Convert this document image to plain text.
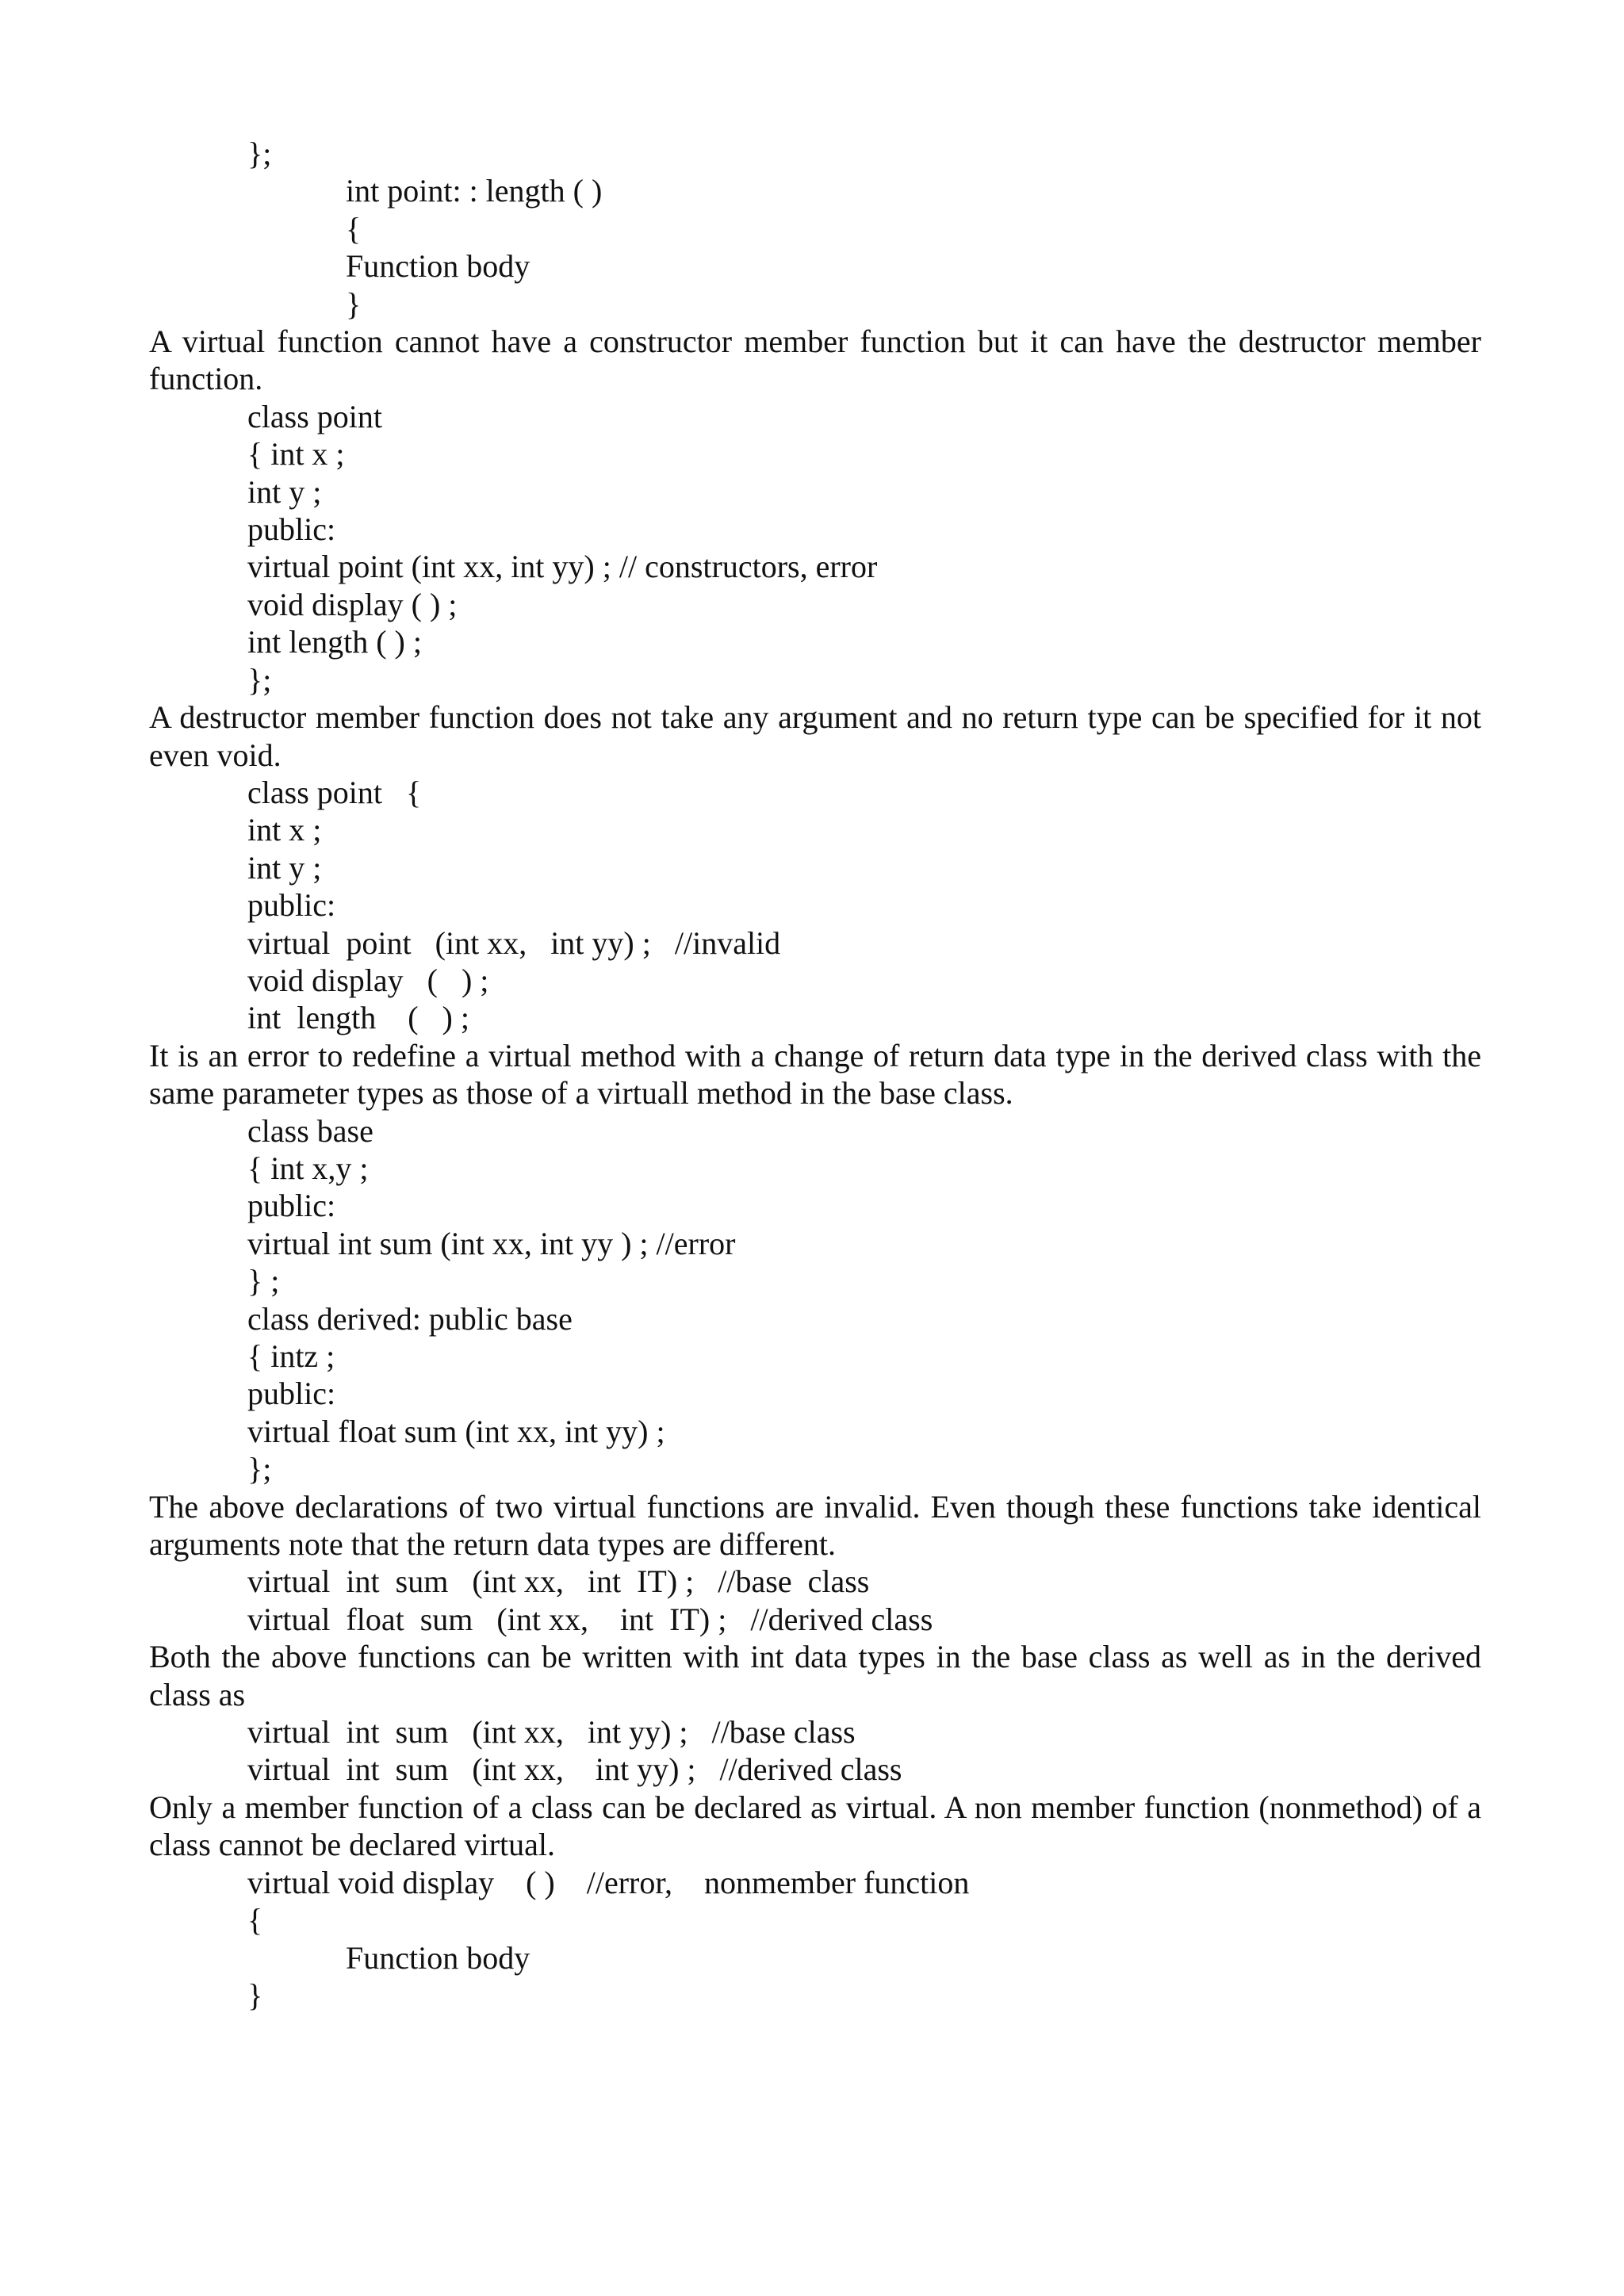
};
int point: : length ( )
{
Function body
}
A virtual function cannot have a constructor member function but it can have the destructor member function.
class point
{ int x ;
int y ;
public:
virtual point (int xx, int yy) ; // constructors, error
void display ( ) ;
int length ( ) ;
};
A destructor member function does not take any argument and no return type can be specified for it not even void.
class point   {
int x ;
int y ;
public:
virtual  point   (int xx,   int yy) ;   //invalid
void display   (   ) ;
int  length    (   ) ;
It is an error to redefine a virtual method with a change of return data type in the derived class with the same parameter types as those of a virtuall method in the base class.
class base
{ int x,y ;
public:
virtual int sum (int xx, int yy ) ; //error
} ;
class derived: public base
{ intz ;
public:
virtual float sum (int xx, int yy) ;
};
The above declarations of two virtual functions are invalid. Even though these functions take identical arguments note that the return data types are different.
virtual  int  sum   (int xx,   int  IT) ;   //base  class
virtual  float  sum   (int xx,    int  IT) ;   //derived class
Both the above functions can be written with int data types in the base class as well as in the derived class as
virtual  int  sum   (int xx,   int yy) ;   //base class
virtual  int  sum   (int xx,    int yy) ;   //derived class
Only a member function of a class can be declared as virtual. A non member function (nonmethod) of a class cannot be declared virtual.
virtual void display    ( )    //error,    nonmember function
{
Function body
}
